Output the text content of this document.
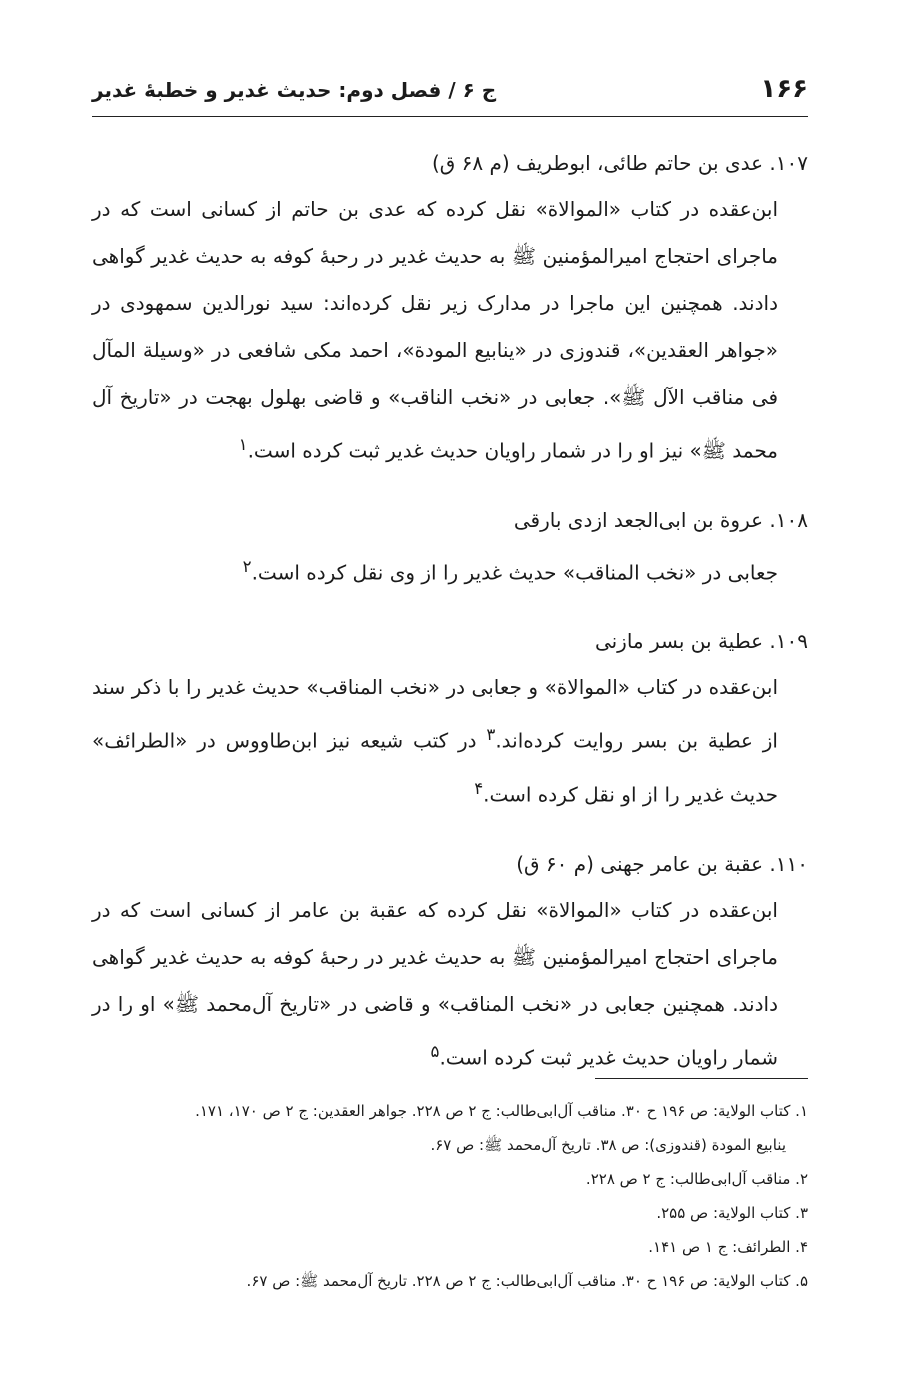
۱۶۶
ج ۶ / فصل دوم: حدیث غدیر و خطبهٔ غدیر
۱۰۷. عدی بن حاتم طائی، ابوطریف (م ۶۸ ق)

ابن‌عقده در کتاب «الموالاة» نقل کرده که عدی بن حاتم از کسانی است که در ماجرای احتجاج امیرالمؤمنین ﷺ به حدیث غدیر در رحبهٔ کوفه به حدیث غدیر گواهی دادند. همچنین این ماجرا در مدارک زیر نقل کرده‌اند: سید نورالدین سمهودی در «جواهر العقدین»، قندوزی در «ینابیع المودة»، احمد مکی شافعی در «وسیلة المآل فی مناقب الآل ﷺ». جعابی در «نخب الناقب» و قاضی بهلول بهجت در «تاریخ آل محمد ﷺ» نیز او را در شمار راویان حدیث غدیر ثبت کرده است.$^۱$

۱۰۸. عروة بن ابی‌الجعد ازدی بارقی

جعابی در «نخب المناقب» حدیث غدیر را از وی نقل کرده است.$^۲$

۱۰۹. عطیة بن بسر مازنی

ابن‌عقده در کتاب «الموالاة» و جعابی در «نخب المناقب» حدیث غدیر را با ذکر سند از عطیة بن بسر روایت کرده‌اند.$^۳$ در کتب شیعه نیز ابن‌طاووس در «الطرائف» حدیث غدیر را از او نقل کرده است.$^۴$

۱۱۰. عقبة بن عامر جهنی (م ۶۰ ق)

ابن‌عقده در کتاب «الموالاة» نقل کرده که عقبة بن عامر از کسانی است که در ماجرای احتجاج امیرالمؤمنین ﷺ به حدیث غدیر در رحبهٔ کوفه به حدیث غدیر گواهی دادند. همچنین جعابی در «نخب المناقب» و قاضی در «تاریخ آل‌محمد ﷺ» او را در شمار راویان حدیث غدیر ثبت کرده است.$^۵$

۱. کتاب الولایة: ص ۱۹۶ ح ۳۰. مناقب آل‌ابی‌طالب: ج ۲ ص ۲۲۸. جواهر العقدین: ج ۲ ص ۱۷۰، ۱۷۱.

ینابیع المودة (قندوزی): ص ۳۸. تاریخ آل‌محمد ﷺ: ص ۶۷.

۲. مناقب آل‌ابی‌طالب: ج ۲ ص ۲۲۸.

۳. کتاب الولایة: ص ۲۵۵.

۴. الطرائف: ج ۱ ص ۱۴۱.

۵. کتاب الولایة: ص ۱۹۶ ح ۳۰. مناقب آل‌ابی‌طالب: ج ۲ ص ۲۲۸. تاریخ آل‌محمد ﷺ: ص ۶۷.
